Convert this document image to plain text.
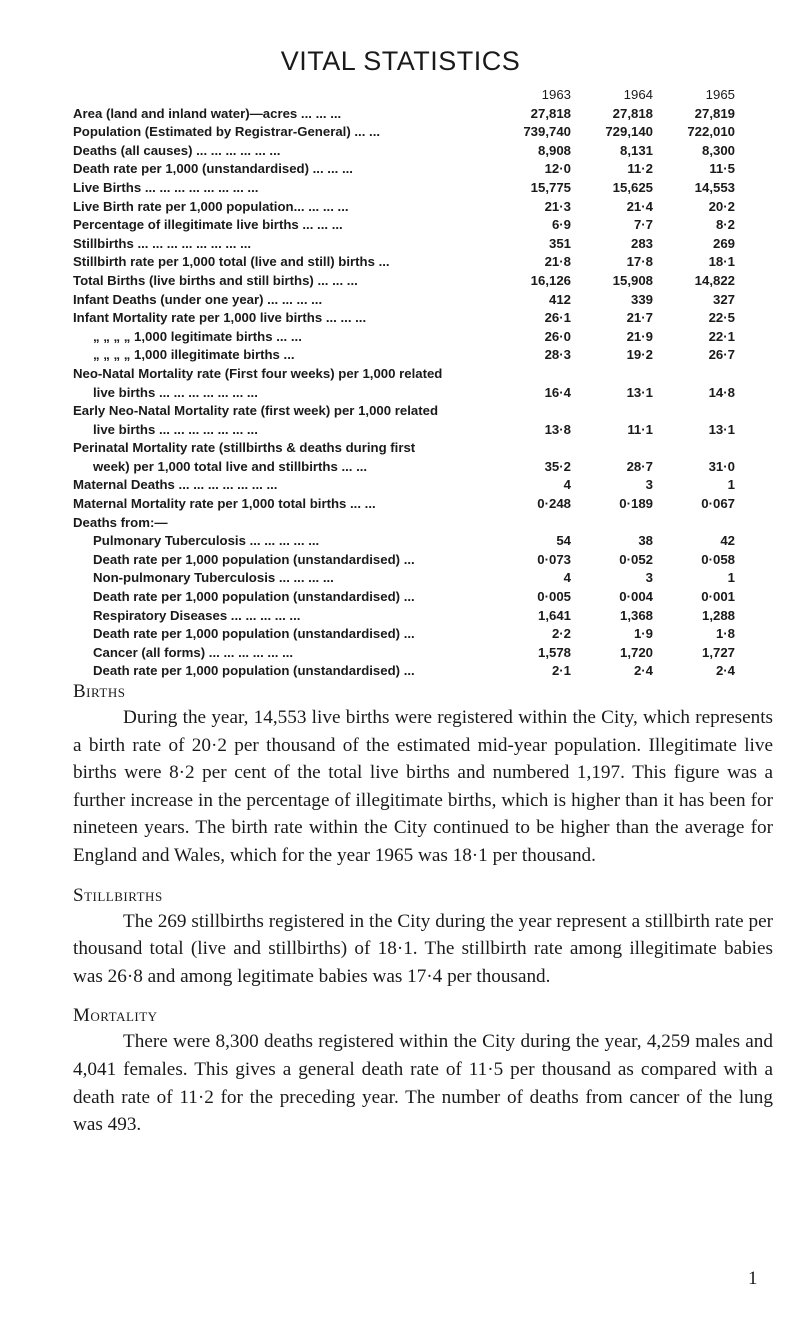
VITAL STATISTICS
1963	1964	1965
Area (land and inland water)—acres ... ... ...	27,818	27,818	27,819
Population (Estimated by Registrar-General) ... ...	739,740	729,140	722,010
Deaths (all causes) ... ... ... ... ... ...	8,908	8,131	8,300
Death rate per 1,000 (unstandardised) ... ... ...	12·0	11·2	11·5
Live Births ... ... ... ... ... ... ... ...	15,775	15,625	14,553
Live Birth rate per 1,000 population... ... ... ...	21·3	21·4	20·2
Percentage of illegitimate live births ... ... ...	6·9	7·7	8·2
Stillbirths ... ... ... ... ... ... ... ...	351	283	269
Stillbirth rate per 1,000 total (live and still) births ...	21·8	17·8	18·1
Total Births (live births and still births) ... ... ...	16,126	15,908	14,822
Infant Deaths (under one year) ... ... ... ...	412	339	327
Infant Mortality rate per 1,000 live births ... ... ...	26·1	21·7	22·5
„ „ „ „ 1,000 legitimate births ... ...	26·0	21·9	22·1
„ „ „ „ 1,000 illegitimate births ...	28·3	19·2	26·7
Neo-Natal Mortality rate (First four weeks) per 1,000 related
live births ... ... ... ... ... ... ...	16·4	13·1	14·8
Early Neo-Natal Mortality rate (first week) per 1,000 related
live births ... ... ... ... ... ... ...	13·8	11·1	13·1
Perinatal Mortality rate (stillbirths & deaths during first
week) per 1,000 total live and stillbirths ... ...	35·2	28·7	31·0
Maternal Deaths ... ... ... ... ... ... ...	4	3	1
Maternal Mortality rate per 1,000 total births ... ...	0·248	0·189	0·067
Deaths from:—
Pulmonary Tuberculosis ... ... ... ... ...	54	38	42
Death rate per 1,000 population (unstandardised) ...	0·073	0·052	0·058
Non-pulmonary Tuberculosis ... ... ... ...	4	3	1
Death rate per 1,000 population (unstandardised) ...	0·005	0·004	0·001
Respiratory Diseases ... ... ... ... ...	1,641	1,368	1,288
Death rate per 1,000 population (unstandardised) ...	2·2	1·9	1·8
Cancer (all forms) ... ... ... ... ... ...	1,578	1,720	1,727
Death rate per 1,000 population (unstandardised) ...	2·1	2·4	2·4
Births

During the year, 14,553 live births were registered within the City, which represents a birth rate of 20·2 per thousand of the estimated mid-year population. Illegitimate live births were 8·2 per cent of the total live births and numbered 1,197. This figure was a further increase in the percentage of illegitimate births, which is higher than it has been for nineteen years. The birth rate within the City continued to be higher than the average for England and Wales, which for the year 1965 was 18·1 per thousand.

Stillbirths

The 269 stillbirths registered in the City during the year represent a stillbirth rate per thousand total (live and stillbirths) of 18·1. The stillbirth rate among illegitimate babies was 26·8 and among legitimate babies was 17·4 per thousand.

Mortality

There were 8,300 deaths registered within the City during the year, 4,259 males and 4,041 females. This gives a general death rate of 11·5 per thousand as compared with a death rate of 11·2 for the preceding year. The number of deaths from cancer of the lung was 493.

1
